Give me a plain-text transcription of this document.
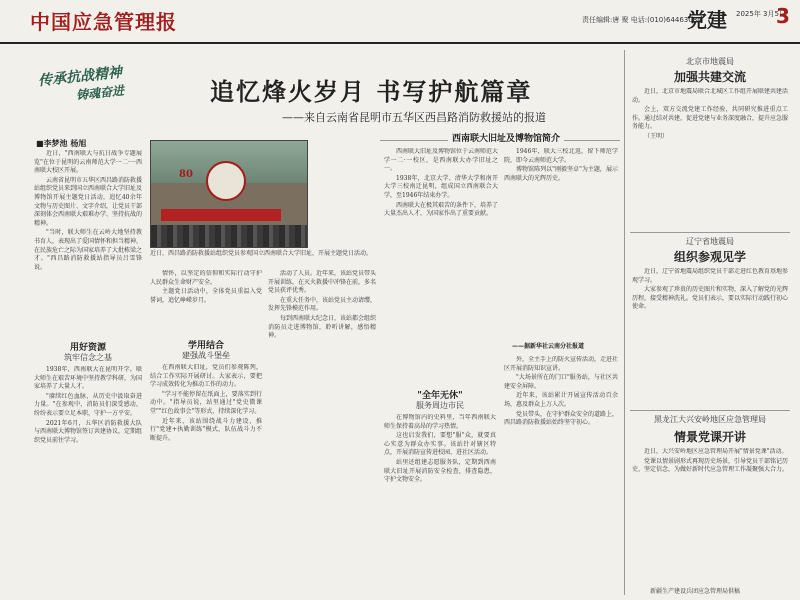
中国应急管理报	责任编辑:唐 聚 电话:(010)64463084
党建 2025年 3月5日
3
传承抗战精神
铸魂奋进	追忆烽火岁月 书写护航篇章
——来自云南省昆明市五华区西昌路消防救援站的报道
■李梦池 杨旭

近日，"西南联大与抗日战争专题展览"在位于昆明的云南师范大学一二·一西南联大校区开展。

云南省昆明市五华区西昌路消防救援站组织党员来到国立西南联合大学旧址及博物馆开展主题党日活动，追忆40余年文物与历史图片、文字介绍，让党员干部深刻体会西南联大艰难办学、坚持抗战的精神。

"当时，联大师生在云岭大地坚持教书育人，表现出了爱国情怀和担当精神，在民族危亡之际为国家培养了大批栋梁之才。"西昌路消防救援站指导员吕雪锋说。

用好资源
筑牢信念之基

1938年，西南联大在昆明开学。联大师生在艰苦环境中坚持教学科研，为国家培养了大量人才。

"赓续红色血脉，从历史中汲取奋进力量。"在参观中，消防员们深受感动，纷纷表示要立足本职，守护一方平安。

2021年6月，五华区消防救援大队与西南联大博物馆签订共建协议，定期组织党员前往学习。

80
近日，西昌路消防救援站组织党员参观国立西南联合大学旧址，开展主题党日活动。

情怀，以坚定的信仰和实际行动守护人民群众生命财产安全。

主题党日活动中，全体党员重温入党誓词，追忆峥嵘岁月。

学用结合
建强战斗堡垒

在西南联大旧址，党员们参观陈列，结合工作实际开展研讨。大家表示，要把学习成效转化为推动工作的动力。

"学习不能停留在纸面上，要落实到行动中。"指导员说，站里通过"党史微课堂""红色故事会"等形式，持续深化学习。

近年来，该站围绕战斗力建设，推行"党建+执勤训练"模式，队伍战斗力不断提升。

活动了人员。近年来，该站党员带头开展训练，在灭火救援中冲锋在前，多名党员获评优秀。

在重大任务中，该站党员主动请缨，发挥先锋模范作用。

每到西南联大纪念日，该站都会组织消防员走进博物馆，聆听讲解，感悟精神。

西南联大旧址及博物馆简介

西南联大旧址及博物馆位于云南师范大学一二·一校区，是西南联大办学旧址之一。

1938年，北京大学、清华大学和南开大学三校南迁昆明，组成国立西南联合大学，至1946年结束办学。

西南联大在极其艰苦的条件下，培养了大量杰出人才，为国家作出了重要贡献。

1946年，联大三校北返，留下师范学院，即今云南师范大学。

博物馆陈列以"刚毅坚卓"为主题，展示西南联大的光辉历史。

——据新华社云南分社报道
"全年无休"
服务周边市民

在博物馆内的史料里，当年西南联大师生保持着高昂的学习热情。

这也启发我们，要想"服"众，就要真心实意为群众办实事。该站针对辖区特点，开展消防宣传进校园、进社区活动。

站里还组建志愿服务队，定期到西南联大旧址开展消防安全检查，排查隐患，守护文物安全。

外，全主手上的防火宣传活动，走进社区开展消防知识宣讲。

"大场景所在的门口"服务站，与社区共建安全屏障。

近年来，该站累计开展宣传活动百余场，惠及群众上万人次。

党员带头，在守护群众安全的道路上，西昌路消防救援站始终坚守初心。

北京市地震局
加强共建交流

近日，北京市地震局联合北城区工作组开展联建共建活动。

会上，双方交流党建工作经验，共同研究推进重点工作。通过结对共建，促进党建与业务深度融合，提升应急服务能力。

（王明）

辽宁省地震局
组织参观见学

近日，辽宁省地震局组织党员干部走进红色教育基地参观学习。

大家参观了珍贵的历史图片和实物，深入了解党的光辉历程，接受精神洗礼。党员们表示，要以实际行动践行初心使命。

黑龙江大兴安岭地区应急管理局
情景党课开讲

近日，大兴安岭地区应急管理局开展"情景党课"活动。

党课以情景剧形式再现历史场景，引导党员干部铭记历史、坚定信念，为做好新时代应急管理工作凝聚强大合力。

新疆生产建设兵团应急管理局供稿
